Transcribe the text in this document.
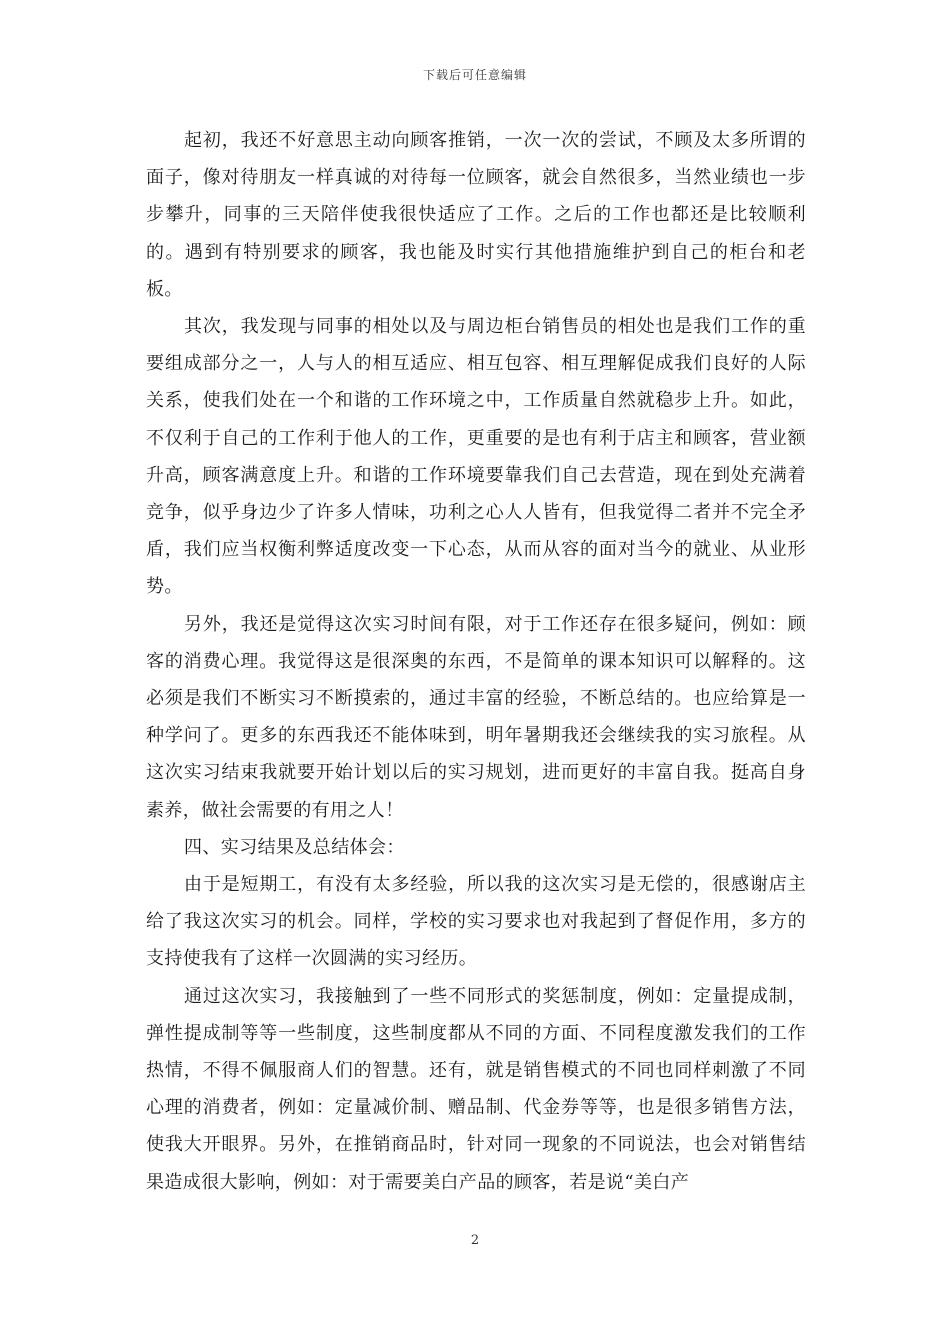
下载后可任意编辑

起初，我还不好意思主动向顾客推销，一次一次的尝试，不顾及太多所谓的面子，像对待朋友一样真诚的对待每一位顾客，就会自然很多，当然业绩也一步步攀升，同事的三天陪伴使我很快适应了工作。之后的工作也都还是比较顺利的。遇到有特别要求的顾客，我也能及时实行其他措施维护到自己的柜台和老板。

其次，我发现与同事的相处以及与周边柜台销售员的相处也是我们工作的重要组成部分之一，人与人的相互适应、相互包容、相互理解促成我们良好的人际关系，使我们处在一个和谐的工作环境之中，工作质量自然就稳步上升。如此，不仅利于自己的工作利于他人的工作，更重要的是也有利于店主和顾客，营业额升高，顾客满意度上升。和谐的工作环境要靠我们自己去营造，现在到处充满着竞争，似乎身边少了许多人情味，功利之心人人皆有，但我觉得二者并不完全矛盾，我们应当权衡利弊适度改变一下心态，从而从容的面对当今的就业、从业形势。

另外，我还是觉得这次实习时间有限，对于工作还存在很多疑问，例如：顾客的消费心理。我觉得这是很深奥的东西，不是简单的课本知识可以解释的。这必须是我们不断实习不断摸索的，通过丰富的经验，不断总结的。也应给算是一种学问了。更多的东西我还不能体味到，明年暑期我还会继续我的实习旅程。从这次实习结束我就要开始计划以后的实习规划，进而更好的丰富自我。挺高自身素养，做社会需要的有用之人！

四、实习结果及总结体会：

由于是短期工，有没有太多经验，所以我的这次实习是无偿的，很感谢店主给了我这次实习的机会。同样，学校的实习要求也对我起到了督促作用，多方的支持使我有了这样一次圆满的实习经历。

通过这次实习，我接触到了一些不同形式的奖惩制度，例如：定量提成制，弹性提成制等等一些制度，这些制度都从不同的方面、不同程度激发我们的工作热情，不得不佩服商人们的智慧。还有，就是销售模式的不同也同样刺激了不同心理的消费者，例如：定量减价制、赠品制、代金券等等，也是很多销售方法，使我大开眼界。另外，在推销商品时，针对同一现象的不同说法，也会对销售结果造成很大影响，例如：对于需要美白产品的顾客，若是说“美白产

2
